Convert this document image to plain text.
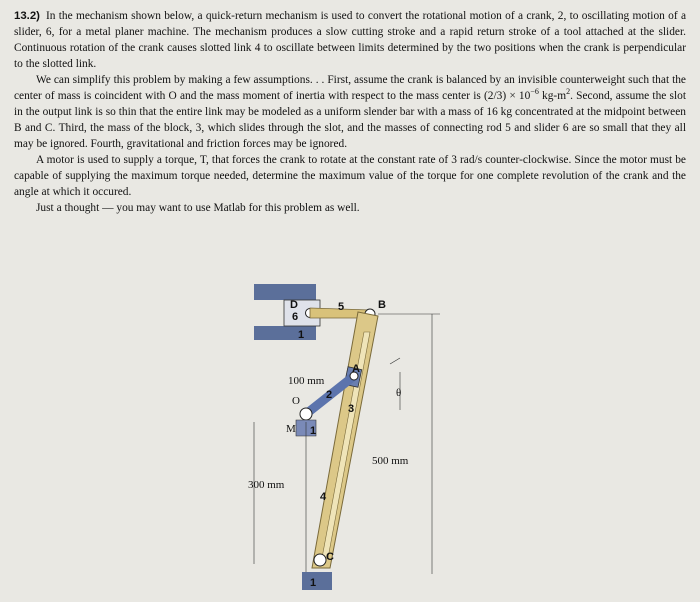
13.2) In the mechanism shown below, a quick-return mechanism is used to convert the rotational motion of a crank, 2, to oscillating motion of a slider, 6, for a metal planer machine. The mechanism produces a slow cutting stroke and a rapid return stroke of a tool attached at the slider. Continuous rotation of the crank causes slotted link 4 to oscillate between limits determined by the two positions when the crank is perpendicular to the slotted link.

We can simplify this problem by making a few assumptions. . . First, assume the crank is balanced by an invisible counterweight such that the center of mass is coincident with O and the mass moment of inertia with respect to the mass center is $(2/3) \times 10^{-6}$ $kg-m^2$. Second, assume the slot in the output link is so thin that the entire link may be modeled as a uniform slender bar with a mass of 16 kg concentrated at the midpoint between B and C. Third, the mass of the block, 3, which slides through the slot, and the masses of connecting rod 5 and slider 6 are so small that they all may be ignored. Fourth, gravitational and friction forces may be ignored.

A motor is used to supply a torque, T, that forces the crank to rotate at the constant rate of 3 rad/s counter-clockwise. Since the motor must be capable of supplying the maximum torque needed, determine the maximum value of the torque for one complete revolution of the crank and the angle at which it occured.

Just a thought — you may want to use Matlab for this problem as well.

D
6
5	B
1
A
100 mm
θ
O 2
3
M 1
500 mm
300 mm
4
C
1
